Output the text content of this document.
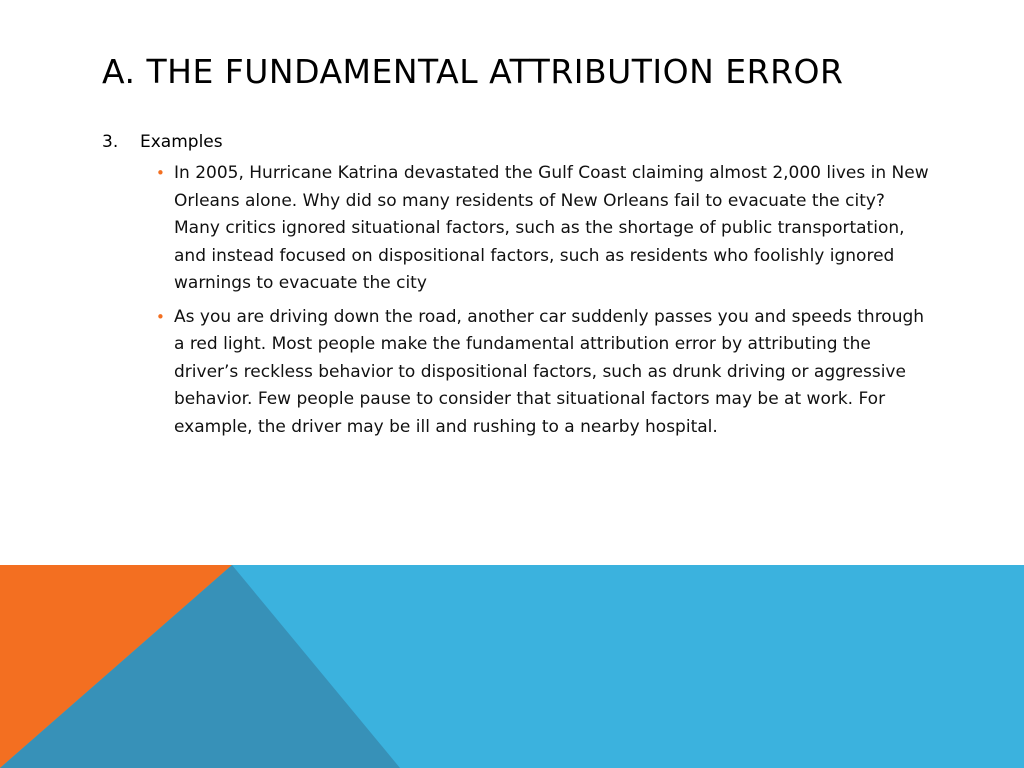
A. THE FUNDAMENTAL ATTRIBUTION ERROR
3.	Examples
• In 2005, Hurricane Katrina devastated the Gulf Coast claiming almost 2,000 lives in New Orleans alone. Why did so many residents of New Orleans fail to evacuate the city? Many critics ignored situational factors, such as the shortage of public transportation, and instead focused on dispositional factors, such as residents who foolishly ignored warnings to evacuate the city
• As you are driving down the road, another car suddenly passes you and speeds through a red light. Most people make the fundamental attribution error by attributing the driver’s reckless behavior to dispositional factors, such as drunk driving or aggressive behavior. Few people pause to consider that situational factors may be at work. For example, the driver may be ill and rushing to a nearby hospital.
